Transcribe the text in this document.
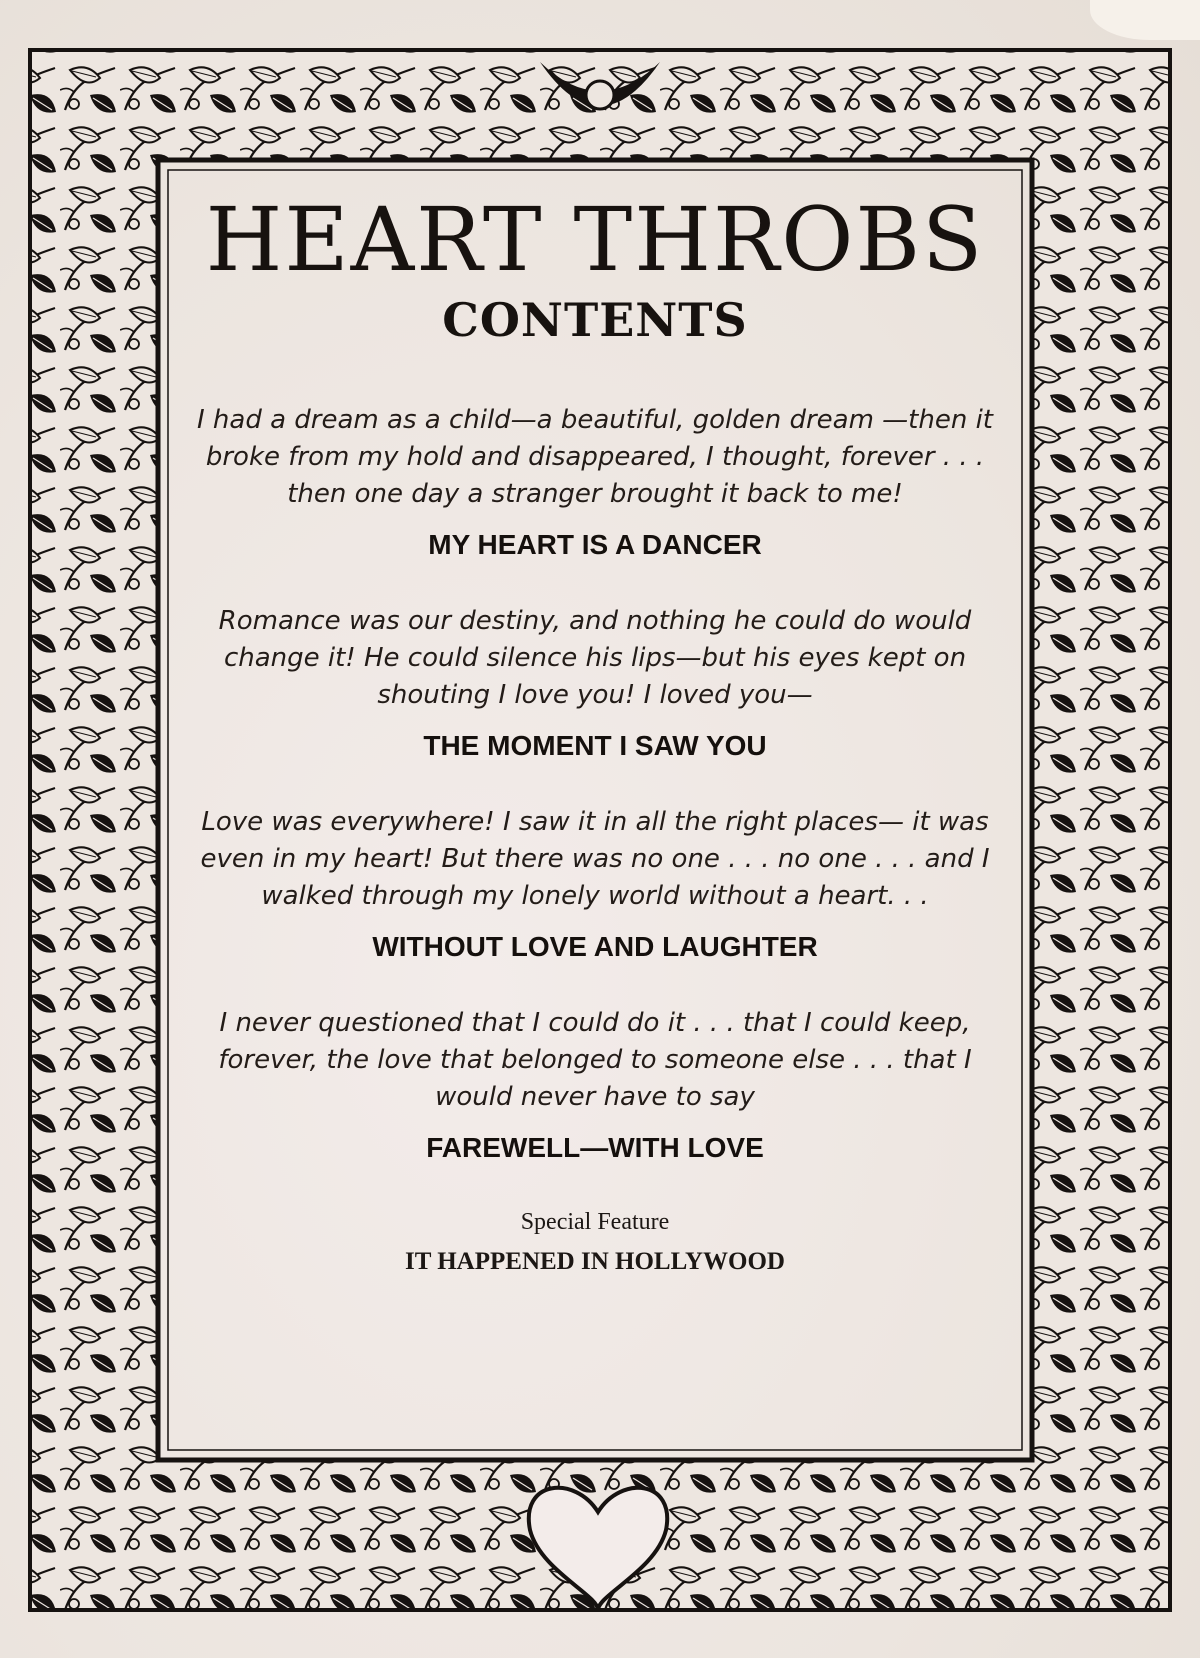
HEART THROBS
CONTENTS
I had a dream as a child—a beautiful, golden dream —then it broke from my hold and disappeared, I thought, forever . . . then one day a stranger brought it back to me!
MY HEART IS A DANCER
Romance was our destiny, and nothing he could do would change it! He could silence his lips—but his eyes kept on shouting I love you! I loved you—
THE MOMENT I SAW YOU
Love was everywhere! I saw it in all the right places— it was even in my heart! But there was no one . . . no one . . . and I walked through my lonely world without a heart. . .
WITHOUT LOVE AND LAUGHTER
I never questioned that I could do it . . . that I could keep, forever, the love that belonged to someone else . . . that I would never have to say
FAREWELL—WITH LOVE
Special Feature
IT HAPPENED IN HOLLYWOOD
